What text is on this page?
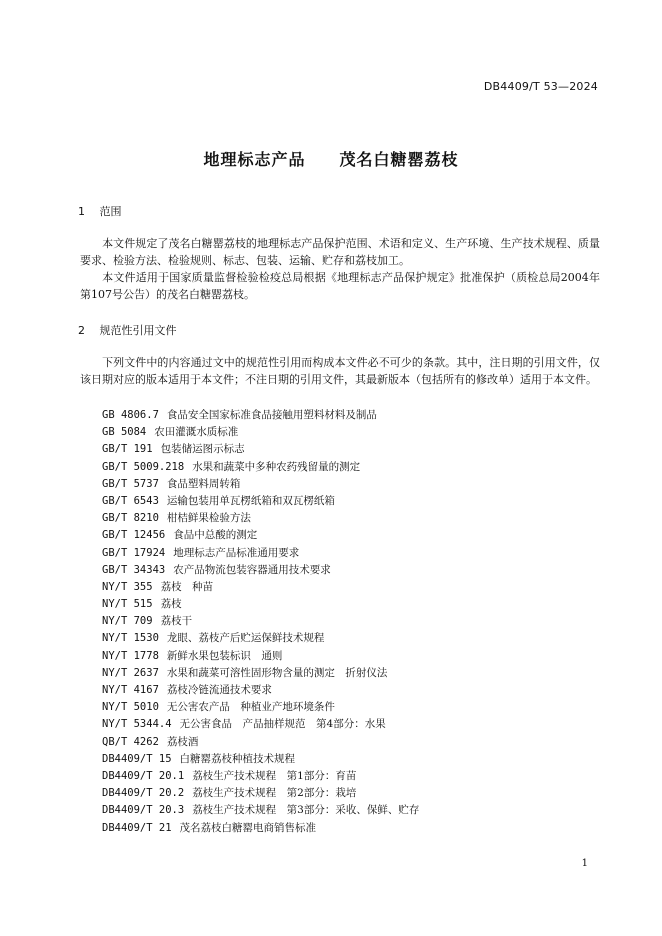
DB4409/T 53—2024
地理标志产品　　茂名白糖罂荔枝
1 范围
本文件规定了茂名白糖罂荔枝的地理标志产品保护范围、术语和定义、生产环境、生产技术规程、质量要求、检验方法、检验规则、标志、包装、运输、贮存和荔枝加工。
本文件适用于国家质量监督检验检疫总局根据《地理标志产品保护规定》批准保护（质检总局2004年第107号公告）的茂名白糖罂荔枝。
2 规范性引用文件
下列文件中的内容通过文中的规范性引用而构成本文件必不可少的条款。其中，注日期的引用文件，仅该日期对应的版本适用于本文件；不注日期的引用文件，其最新版本（包括所有的修改单）适用于本文件。
GB 4806.7 食品安全国家标准食品接触用塑料材料及制品
GB 5084 农田灌溉水质标准
GB/T 191 包装储运图示标志
GB/T 5009.218 水果和蔬菜中多种农药残留量的测定
GB/T 5737 食品塑料周转箱
GB/T 6543 运输包装用单瓦楞纸箱和双瓦楞纸箱
GB/T 8210 柑桔鲜果检验方法
GB/T 12456 食品中总酸的测定
GB/T 17924 地理标志产品标准通用要求
GB/T 34343 农产品物流包装容器通用技术要求
NY/T 355 荔枝　种苗
NY/T 515 荔枝
NY/T 709 荔枝干
NY/T 1530 龙眼、荔枝产后贮运保鲜技术规程
NY/T 1778 新鲜水果包装标识　通则
NY/T 2637 水果和蔬菜可溶性固形物含量的测定　折射仪法
NY/T 4167 荔枝冷链流通技术要求
NY/T 5010 无公害农产品　种植业产地环境条件
NY/T 5344.4 无公害食品　产品抽样规范　第4部分：水果
QB/T 4262 荔枝酒
DB4409/T 15 白糖罂荔枝种植技术规程
DB4409/T 20.1 荔枝生产技术规程　第1部分：育苗
DB4409/T 20.2 荔枝生产技术规程　第2部分：栽培
DB4409/T 20.3 荔枝生产技术规程　第3部分：采收、保鲜、贮存
DB4409/T 21 茂名荔枝白糖罂电商销售标准
1
